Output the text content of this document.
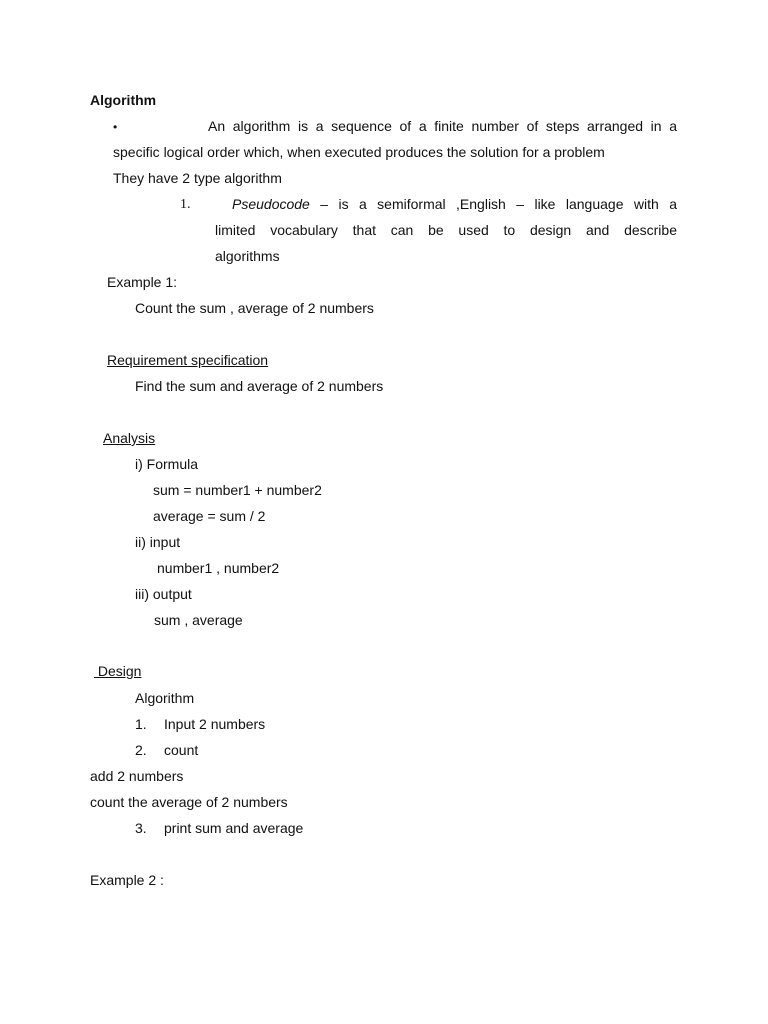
Algorithm
•	An algorithm is a sequence of a finite number of steps arranged in a
specific logical order which, when executed produces the solution for a problem
They have 2 type algorithm
1.	Pseudocode – is a semiformal ,English – like language with a
limited vocabulary that can be used to design and describe
algorithms
Example 1:
Count the sum , average of 2 numbers
Requirement specification
Find the sum and average of 2 numbers
Analysis
i) Formula
sum = number1 + number2
average = sum / 2
ii) input
number1 , number2
iii) output
sum , average
Design
Algorithm
1. Input 2 numbers
2. count
add 2 numbers
count the average of 2 numbers
3. print sum and average
Example 2 :
